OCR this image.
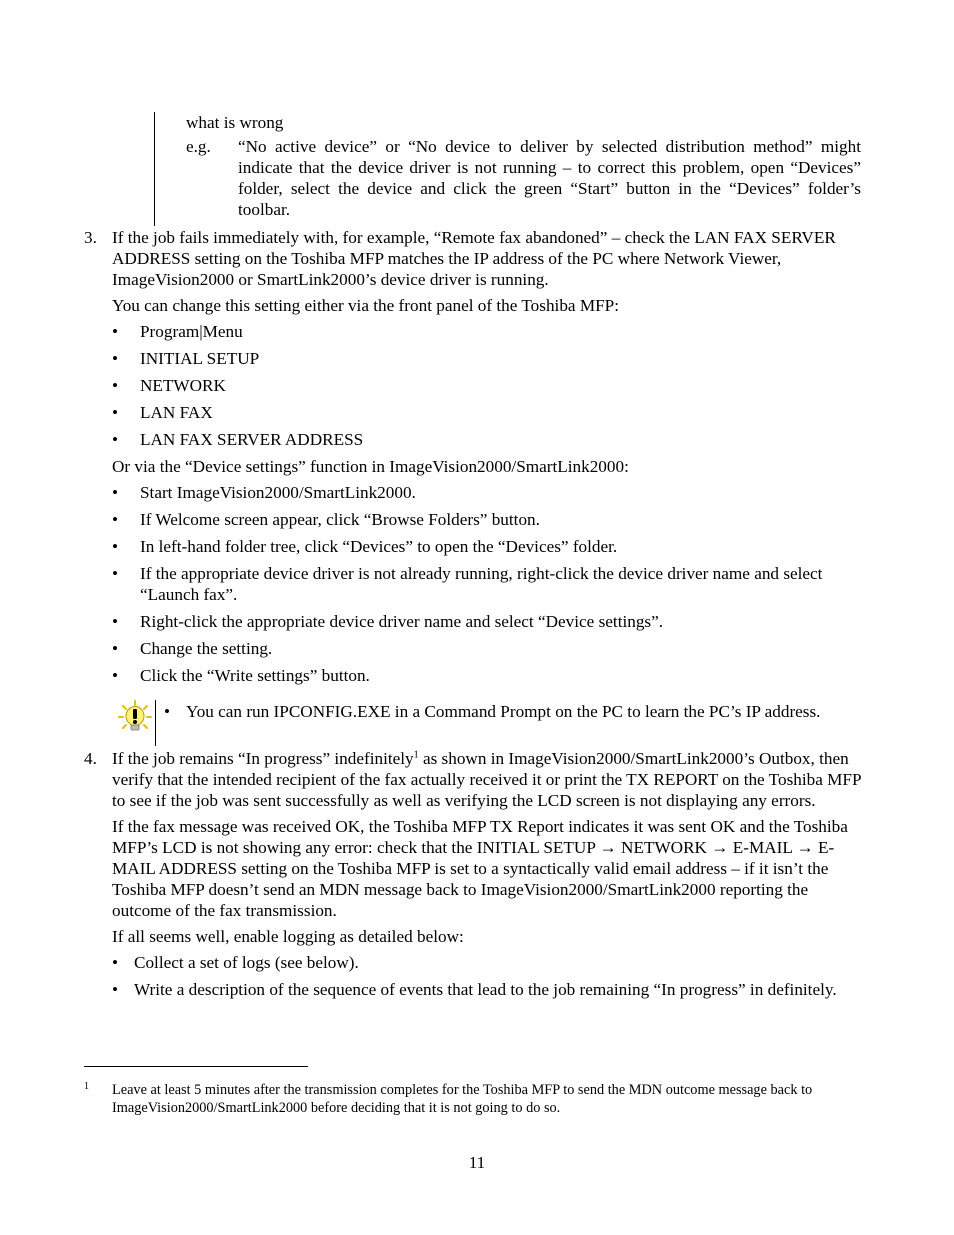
what is wrong

e.g.	“No active device” or “No device to deliver by selected distribution method” might indicate that the device driver is not running – to correct this problem, open “Devices” folder, select the device and click the green “Start” button in the “Devices” folder’s toolbar.
3. If the job fails immediately with, for example, “Remote fax abandoned” – check the LAN FAX SERVER ADDRESS setting on the Toshiba MFP matches the IP address of the PC where Network Viewer, ImageVision2000 or SmartLink2000’s device driver is running.

You can change this setting either via the front panel of the Toshiba MFP:

• Program|Menu
• INITIAL SETUP
• NETWORK
• LAN FAX
• LAN FAX SERVER ADDRESS

Or via the “Device settings” function in ImageVision2000/SmartLink2000:

• Start ImageVision2000/SmartLink2000.
• If Welcome screen appear, click “Browse Folders” button.
• In left-hand folder tree, click “Devices” to open the “Devices” folder.
• If the appropriate device driver is not already running, right-click the device driver name and select “Launch fax”.
• Right-click the appropriate device driver name and select “Device settings”.
• Change the setting.
• Click the “Write settings” button.
• You can run IPCONFIG.EXE in a Command Prompt on the PC to learn the PC’s IP address.
4. If the job remains “In progress” indefinitely$^1$ as shown in ImageVision2000/SmartLink2000’s Outbox, then verify that the intended recipient of the fax actually received it or print the TX REPORT on the Toshiba MFP to see if the job was sent successfully as well as verifying the LCD screen is not displaying any errors.

If the fax message was received OK, the Toshiba MFP TX Report indicates it was sent OK and the Toshiba MFP’s LCD is not showing any error: check that the INITIAL SETUP → NETWORK → E-MAIL → E-MAIL ADDRESS setting on the Toshiba MFP is set to a syntactically valid email address – if it isn’t the Toshiba MFP doesn’t send an MDN message back to ImageVision2000/SmartLink2000 reporting the outcome of the fax transmission.

If all seems well, enable logging as detailed below:

• Collect a set of logs (see below).
• Write a description of the sequence of events that lead to the job remaining “In progress” in definitely.
1 Leave at least 5 minutes after the transmission completes for the Toshiba MFP to send the MDN outcome message back to ImageVision2000/SmartLink2000 before deciding that it is not going to do so.
11
